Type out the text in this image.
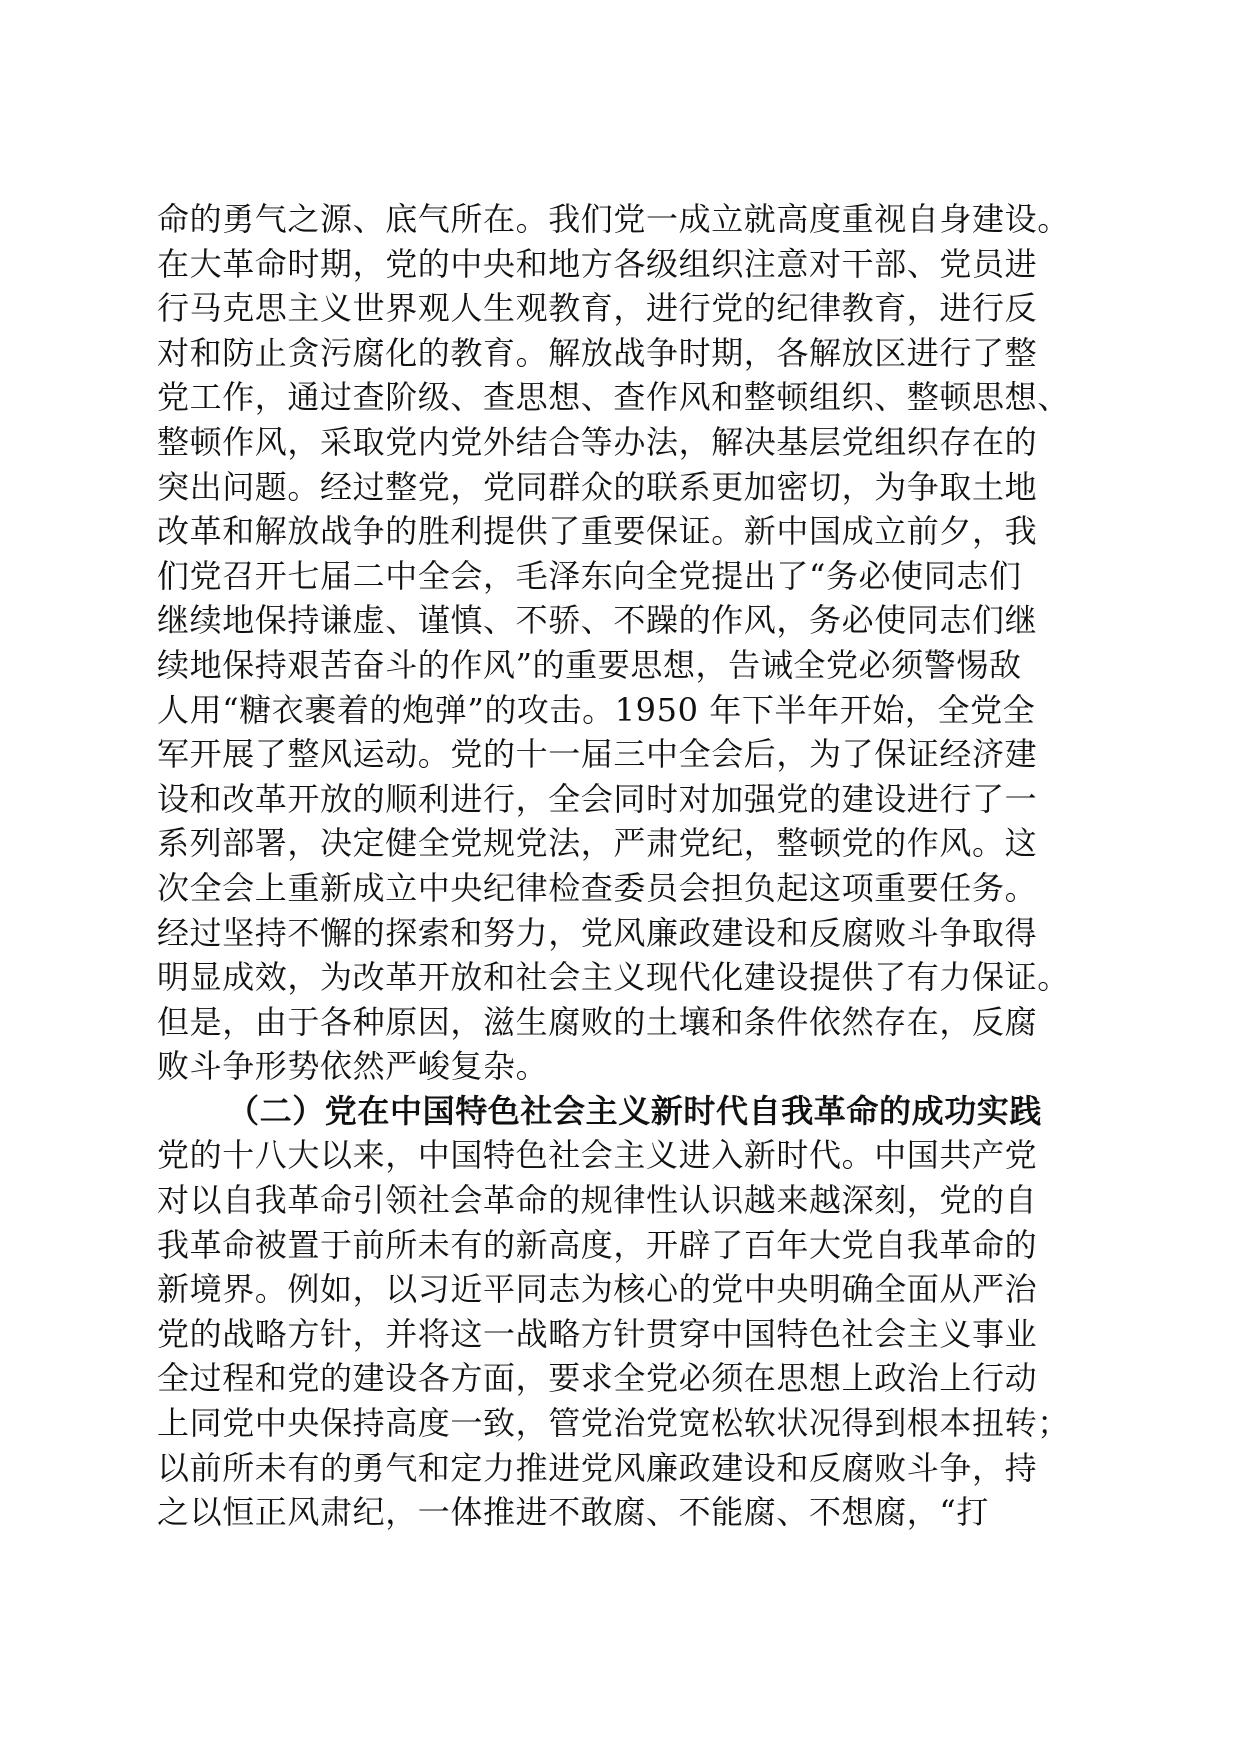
命的勇气之源、底气所在。我们党一成立就高度重视自身建设。
在大革命时期，党的中央和地方各级组织注意对干部、党员进
行马克思主义世界观人生观教育，进行党的纪律教育，进行反
对和防止贪污腐化的教育。解放战争时期，各解放区进行了整
党工作，通过查阶级、查思想、查作风和整顿组织、整顿思想、
整顿作风，采取党内党外结合等办法，解决基层党组织存在的
突出问题。经过整党，党同群众的联系更加密切，为争取土地
改革和解放战争的胜利提供了重要保证。新中国成立前夕，我
们党召开七届二中全会，毛泽东向全党提出了“务必使同志们
继续地保持谦虚、谨慎、不骄、不躁的作风，务必使同志们继
续地保持艰苦奋斗的作风”的重要思想，告诫全党必须警惕敌
人用“糖衣裹着的炮弹”的攻击。1950 年下半年开始，全党全
军开展了整风运动。党的十一届三中全会后，为了保证经济建
设和改革开放的顺利进行，全会同时对加强党的建设进行了一
系列部署，决定健全党规党法，严肃党纪，整顿党的作风。这
次全会上重新成立中央纪律检查委员会担负起这项重要任务。
经过坚持不懈的探索和努力，党风廉政建设和反腐败斗争取得
明显成效，为改革开放和社会主义现代化建设提供了有力保证。
但是，由于各种原因，滋生腐败的土壤和条件依然存在，反腐
败斗争形势依然严峻复杂。
（二）党在中国特色社会主义新时代自我革命的成功实践
党的十八大以来，中国特色社会主义进入新时代。中国共产党
对以自我革命引领社会革命的规律性认识越来越深刻，党的自
我革命被置于前所未有的新高度，开辟了百年大党自我革命的
新境界。例如，以习近平同志为核心的党中央明确全面从严治
党的战略方针，并将这一战略方针贯穿中国特色社会主义事业
全过程和党的建设各方面，要求全党必须在思想上政治上行动
上同党中央保持高度一致，管党治党宽松软状况得到根本扭转；
以前所未有的勇气和定力推进党风廉政建设和反腐败斗争，持
之以恒正风肃纪，一体推进不敢腐、不能腐、不想腐，“打
